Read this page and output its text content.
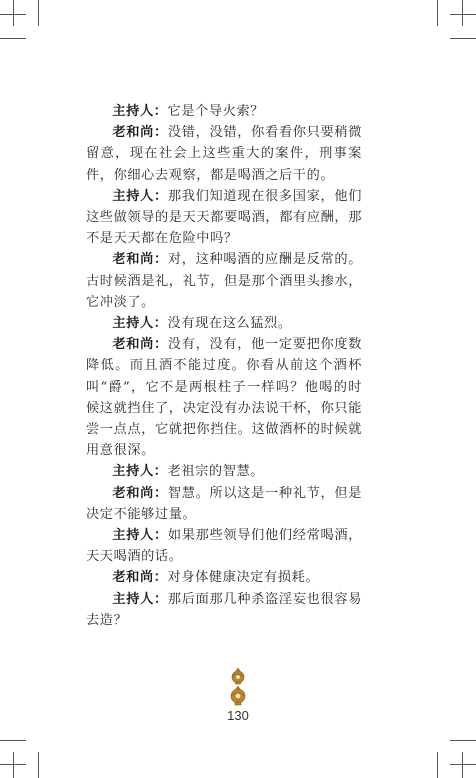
主持人：它是个导火索？

老和尚：没错，没错，你看看你只要稍微留意，现在社会上这些重大的案件，刑事案件，你细心去观察，都是喝酒之后干的。

主持人：那我们知道现在很多国家，他们这些做领导的是天天都要喝酒，都有应酬，那不是天天都在危险中吗？

老和尚：对，这种喝酒的应酬是反常的。古时候酒是礼，礼节，但是那个酒里头掺水，它冲淡了。

主持人：没有现在这么猛烈。

老和尚：没有，没有，他一定要把你度数降低。而且酒不能过度。你看从前这个酒杯叫“爵”，它不是两根柱子一样吗？他喝的时候这就挡住了，决定没有办法说干杯，你只能尝一点点，它就把你挡住。这做酒杯的时候就用意很深。

主持人：老祖宗的智慧。

老和尚：智慧。所以这是一种礼节，但是决定不能够过量。

主持人：如果那些领导们他们经常喝酒，天天喝酒的话。

老和尚：对身体健康决定有损耗。

主持人：那后面那几种杀盗淫妄也很容易去造？

130
